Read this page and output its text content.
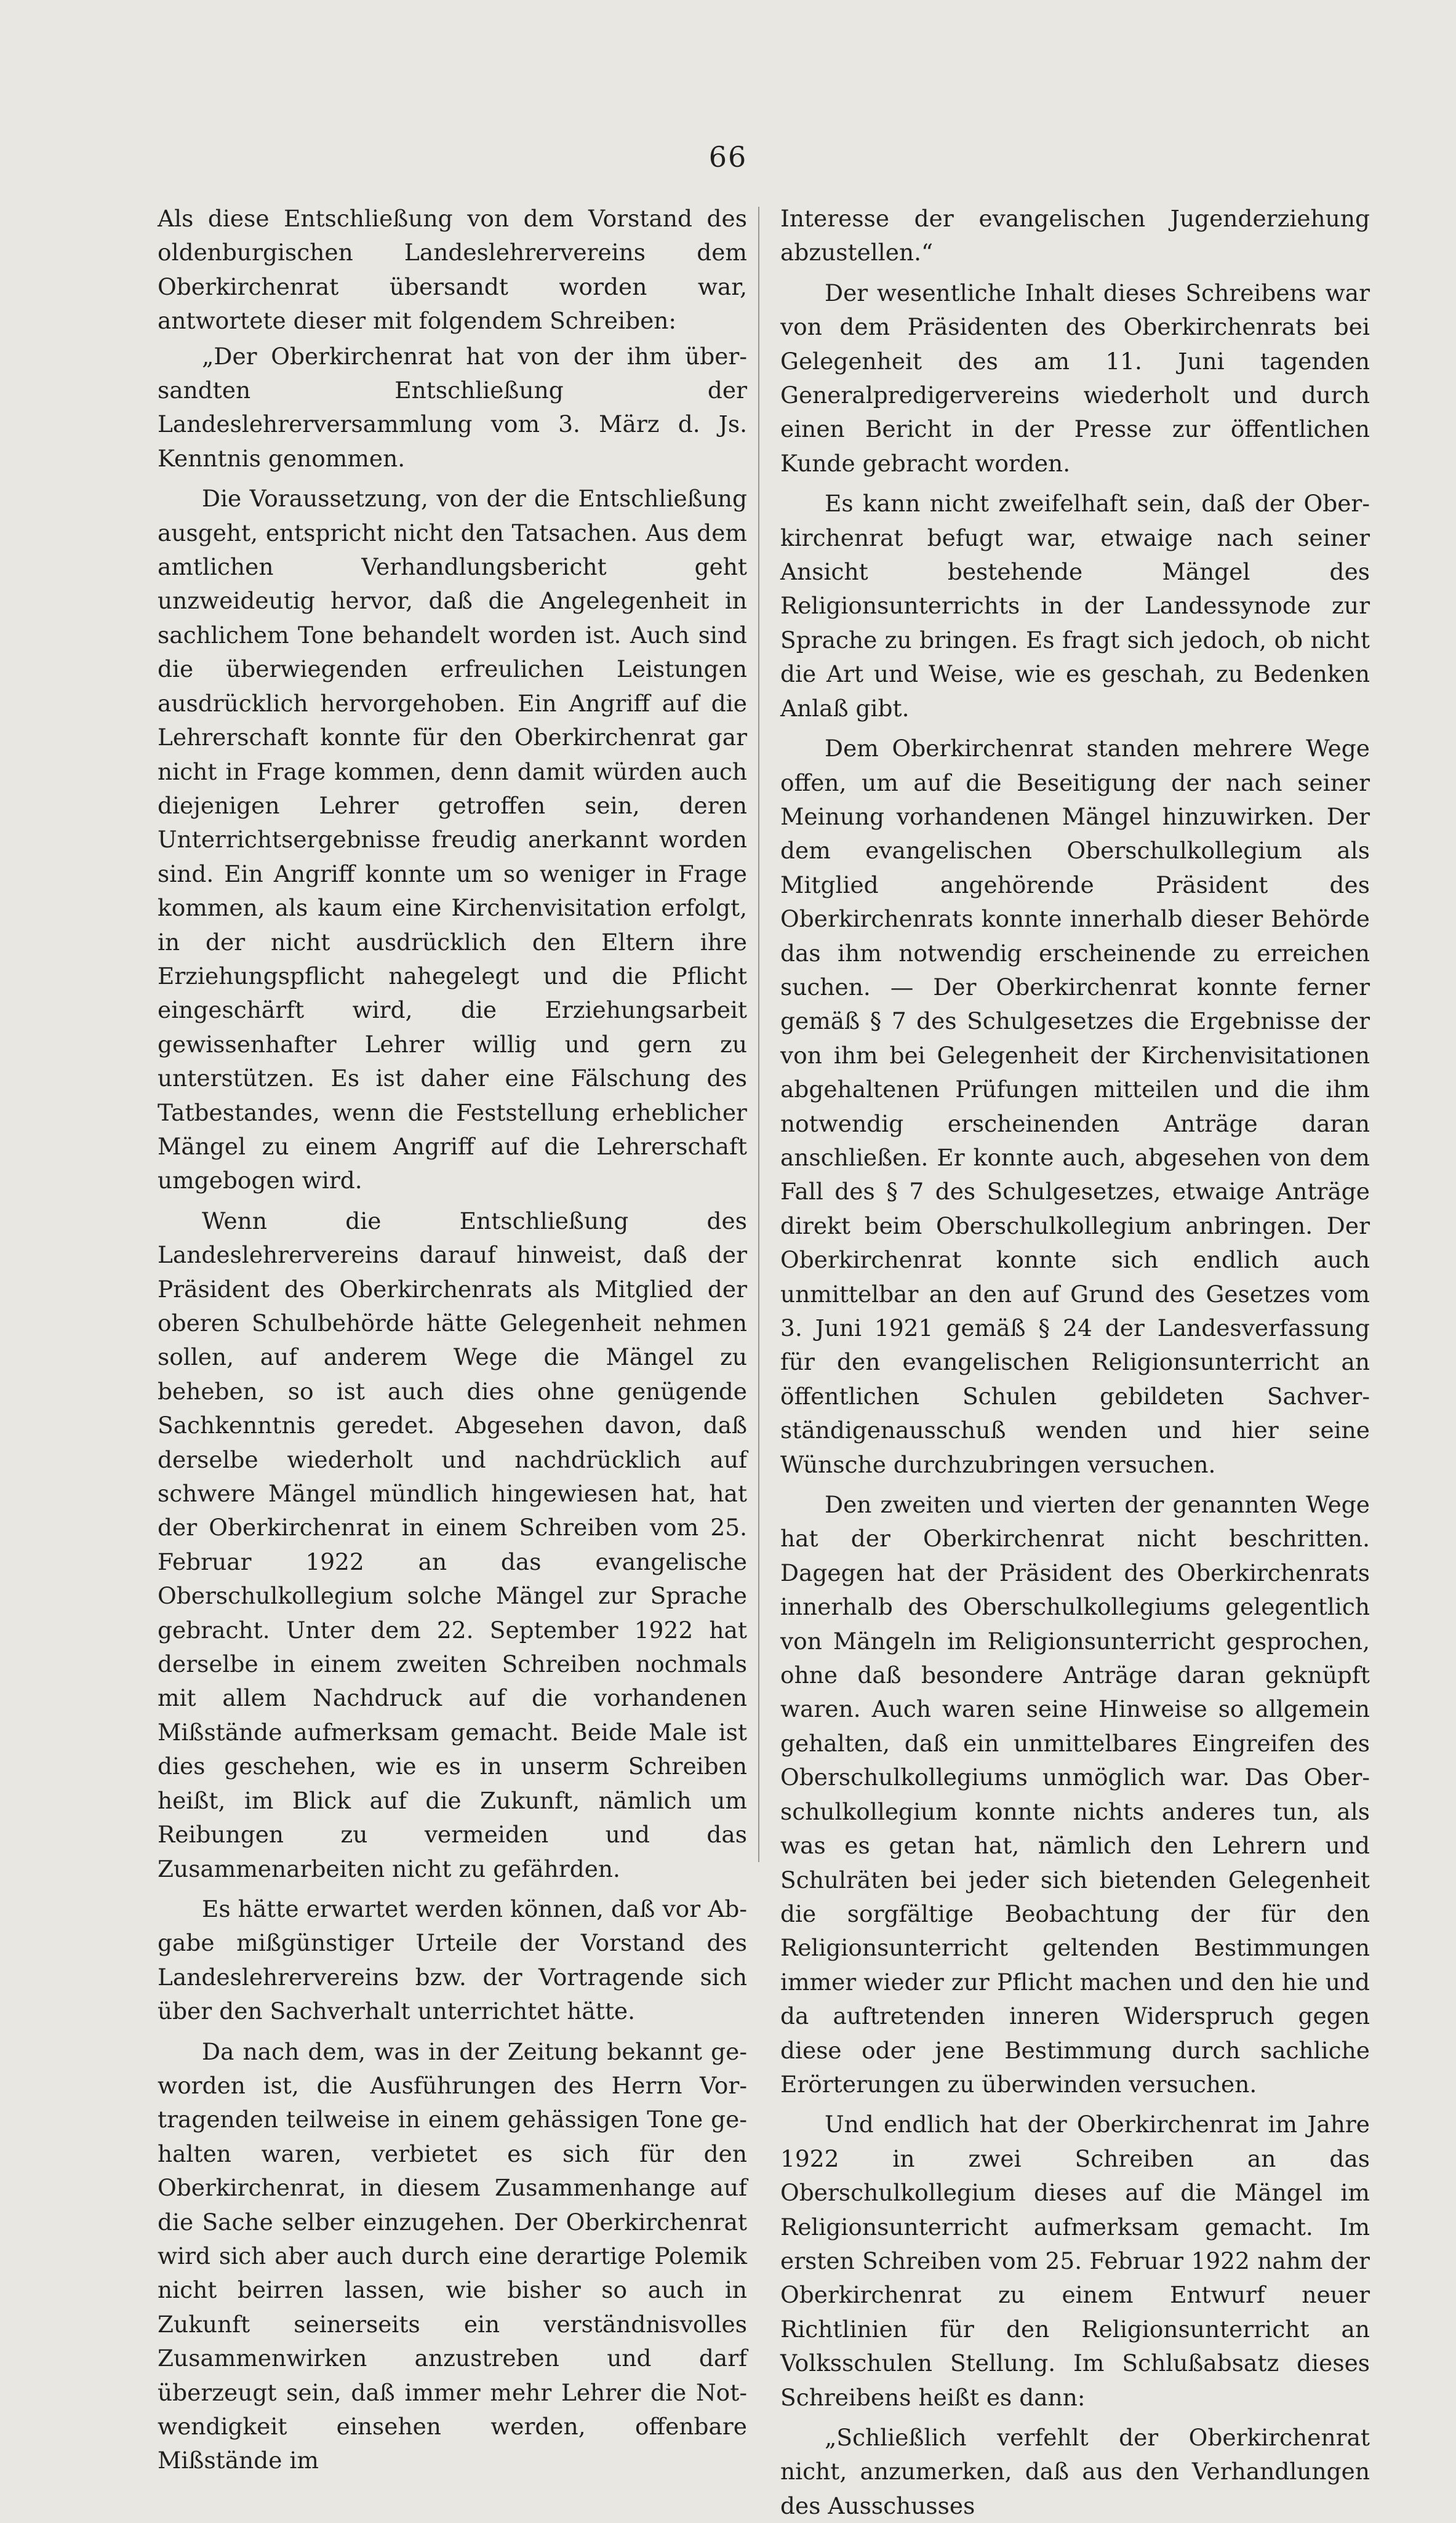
66

Als diese Entschließung von dem Vorstand des oldenburgischen Landeslehrervereins dem Oberkirchenrat übersandt worden war, antwortete dieser mit folgendem Schreiben:

„Der Oberkirchenrat hat von der ihm übersandten Entschließung der Landeslehrerversammlung vom 3. März d. Js. Kenntnis genommen.

Die Voraussetzung, von der die Entschließung ausgeht, entspricht nicht den Tatsachen. Aus dem amtlichen Verhandlungsbericht geht unzweideutig hervor, daß die Angelegenheit in sachlichem Tone behandelt worden ist. Auch sind die überwiegenden erfreulichen Leistungen ausdrücklich hervorgehoben. Ein Angriff auf die Lehrerschaft konnte für den Oberkirchenrat gar nicht in Frage kommen, denn damit würden auch diejenigen Lehrer getroffen sein, deren Unterrichtsergebnisse freudig anerkannt worden sind. Ein Angriff konnte um so weniger in Frage kommen, als kaum eine Kirchenvisitation erfolgt, in der nicht ausdrücklich den Eltern ihre Erziehungspflicht nahegelegt und die Pflicht eingeschärft wird, die Erziehungsarbeit gewissenhafter Lehrer willig und gern zu unterstützen. Es ist daher eine Fälschung des Tatbestandes, wenn die Feststellung erheblicher Mängel zu einem Angriff auf die Lehrerschaft umgebogen wird.

Wenn die Entschließung des Landeslehrervereins darauf hinweist, daß der Präsident des Oberkirchenrats als Mitglied der oberen Schulbehörde hätte Gelegenheit nehmen sollen, auf anderem Wege die Mängel zu beheben, so ist auch dies ohne genügende Sachkenntnis geredet. Abgesehen davon, daß derselbe wiederholt und nachdrücklich auf schwere Mängel mündlich hingewiesen hat, hat der Oberkirchenrat in einem Schreiben vom 25. Februar 1922 an das evangelische Oberschulkollegium solche Mängel zur Sprache gebracht. Unter dem 22. September 1922 hat derselbe in einem zweiten Schreiben nochmals mit allem Nachdruck auf die vorhandenen Mißstände aufmerksam gemacht. Beide Male ist dies geschehen, wie es in unserm Schreiben heißt, im Blick auf die Zukunft, nämlich um Reibungen zu vermeiden und das Zusammenarbeiten nicht zu gefährden.

Es hätte erwartet werden können, daß vor Abgabe mißgünstiger Urteile der Vorstand des Landeslehrervereins bzw. der Vortragende sich über den Sachverhalt unterrichtet hätte.

Da nach dem, was in der Zeitung bekannt geworden ist, die Ausführungen des Herrn Vortragenden teilweise in einem gehässigen Tone gehalten waren, verbietet es sich für den Oberkirchenrat, in diesem Zusammenhange auf die Sache selber einzugehen. Der Oberkirchenrat wird sich aber auch durch eine derartige Polemik nicht beirren lassen, wie bisher so auch in Zukunft seinerseits ein verständnisvolles Zusammenwirken anzustreben und darf überzeugt sein, daß immer mehr Lehrer die Notwendigkeit einsehen werden, offenbare Mißstände im

Interesse der evangelischen Jugenderziehung abzustellen.“

Der wesentliche Inhalt dieses Schreibens war von dem Präsidenten des Oberkirchenrats bei Gelegenheit des am 11. Juni tagenden Generalpredigervereins wiederholt und durch einen Bericht in der Presse zur öffentlichen Kunde gebracht worden.

Es kann nicht zweifelhaft sein, daß der Oberkirchenrat befugt war, etwaige nach seiner Ansicht bestehende Mängel des Religionsunterrichts in der Landessynode zur Sprache zu bringen. Es fragt sich jedoch, ob nicht die Art und Weise, wie es geschah, zu Bedenken Anlaß gibt.

Dem Oberkirchenrat standen mehrere Wege offen, um auf die Beseitigung der nach seiner Meinung vorhandenen Mängel hinzuwirken. Der dem evangelischen Oberschulkollegium als Mitglied angehörende Präsident des Oberkirchenrats konnte innerhalb dieser Behörde das ihm notwendig erscheinende zu erreichen suchen. — Der Oberkirchenrat konnte ferner gemäß § 7 des Schulgesetzes die Ergebnisse der von ihm bei Gelegenheit der Kirchenvisitationen abgehaltenen Prüfungen mitteilen und die ihm notwendig erscheinenden Anträge daran anschließen. Er konnte auch, abgesehen von dem Fall des § 7 des Schulgesetzes, etwaige Anträge direkt beim Oberschulkollegium anbringen. Der Oberkirchenrat konnte sich endlich auch unmittelbar an den auf Grund des Gesetzes vom 3. Juni 1921 gemäß § 24 der Landesverfassung für den evangelischen Religionsunterricht an öffentlichen Schulen gebildeten Sachverständigenausschuß wenden und hier seine Wünsche durchzubringen versuchen.

Den zweiten und vierten der genannten Wege hat der Oberkirchenrat nicht beschritten. Dagegen hat der Präsident des Oberkirchenrats innerhalb des Oberschulkollegiums gelegentlich von Mängeln im Religionsunterricht gesprochen, ohne daß besondere Anträge daran geknüpft waren. Auch waren seine Hinweise so allgemein gehalten, daß ein unmittelbares Eingreifen des Oberschulkollegiums unmöglich war. Das Oberschulkollegium konnte nichts anderes tun, als was es getan hat, nämlich den Lehrern und Schulräten bei jeder sich bietenden Gelegenheit die sorgfältige Beobachtung der für den Religionsunterricht geltenden Bestimmungen immer wieder zur Pflicht machen und den hie und da auftretenden inneren Widerspruch gegen diese oder jene Bestimmung durch sachliche Erörterungen zu überwinden versuchen.

Und endlich hat der Oberkirchenrat im Jahre 1922 in zwei Schreiben an das Oberschulkollegium dieses auf die Mängel im Religionsunterricht aufmerksam gemacht. Im ersten Schreiben vom 25. Februar 1922 nahm der Oberkirchenrat zu einem Entwurf neuer Richtlinien für den Religionsunterricht an Volksschulen Stellung. Im Schlußabsatz dieses Schreibens heißt es dann:

„Schließlich verfehlt der Oberkirchenrat nicht, anzumerken, daß aus den Verhandlungen des Ausschusses
